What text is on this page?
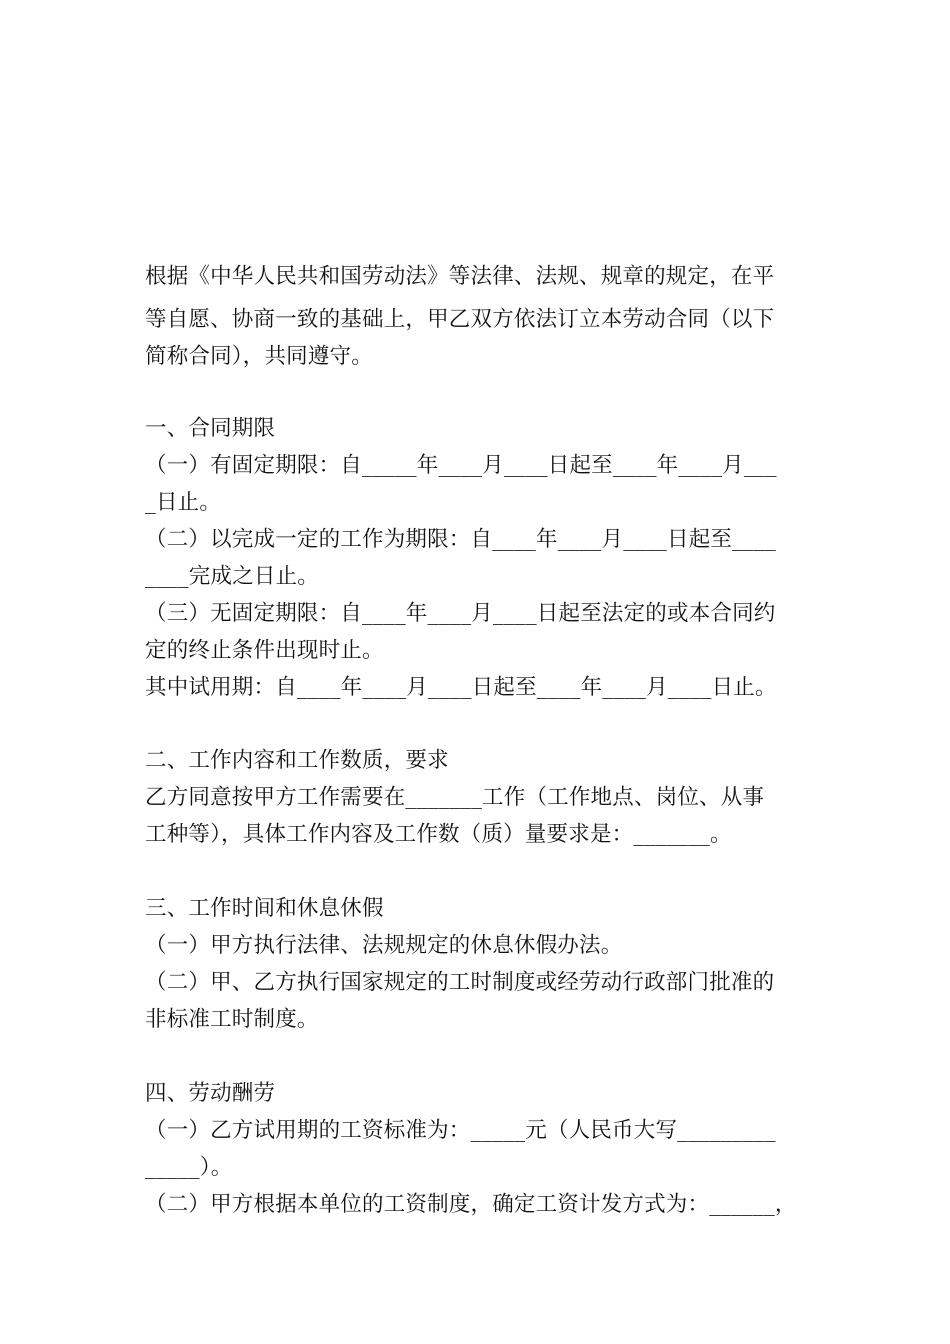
根据《中华人民共和国劳动法》等法律、法规、规章的规定，在平
等自愿、协商一致的基础上，甲乙双方依法订立本劳动合同（以下
简称合同），共同遵守。
一、合同期限
（一）有固定期限：自_____年____月____日起至____年____月___
_日止。
（二）以完成一定的工作为期限：自____年____月____日起至____
____完成之日止。
（三）无固定期限：自____年____月____日起至法定的或本合同约
定的终止条件出现时止。
其中试用期：自____年____月____日起至____年____月____日止。
二、工作内容和工作数质，要求
乙方同意按甲方工作需要在_______工作（工作地点、岗位、从事
工种等），具体工作内容及工作数（质）量要求是：_______。
三、工作时间和休息休假
（一）甲方执行法律、法规规定的休息休假办法。
（二）甲、乙方执行国家规定的工时制度或经劳动行政部门批准的
非标准工时制度。
四、劳动酬劳
（一）乙方试用期的工资标准为：_____元（人民币大写_________
_____）。
（二）甲方根据本单位的工资制度，确定工资计发方式为：______，
